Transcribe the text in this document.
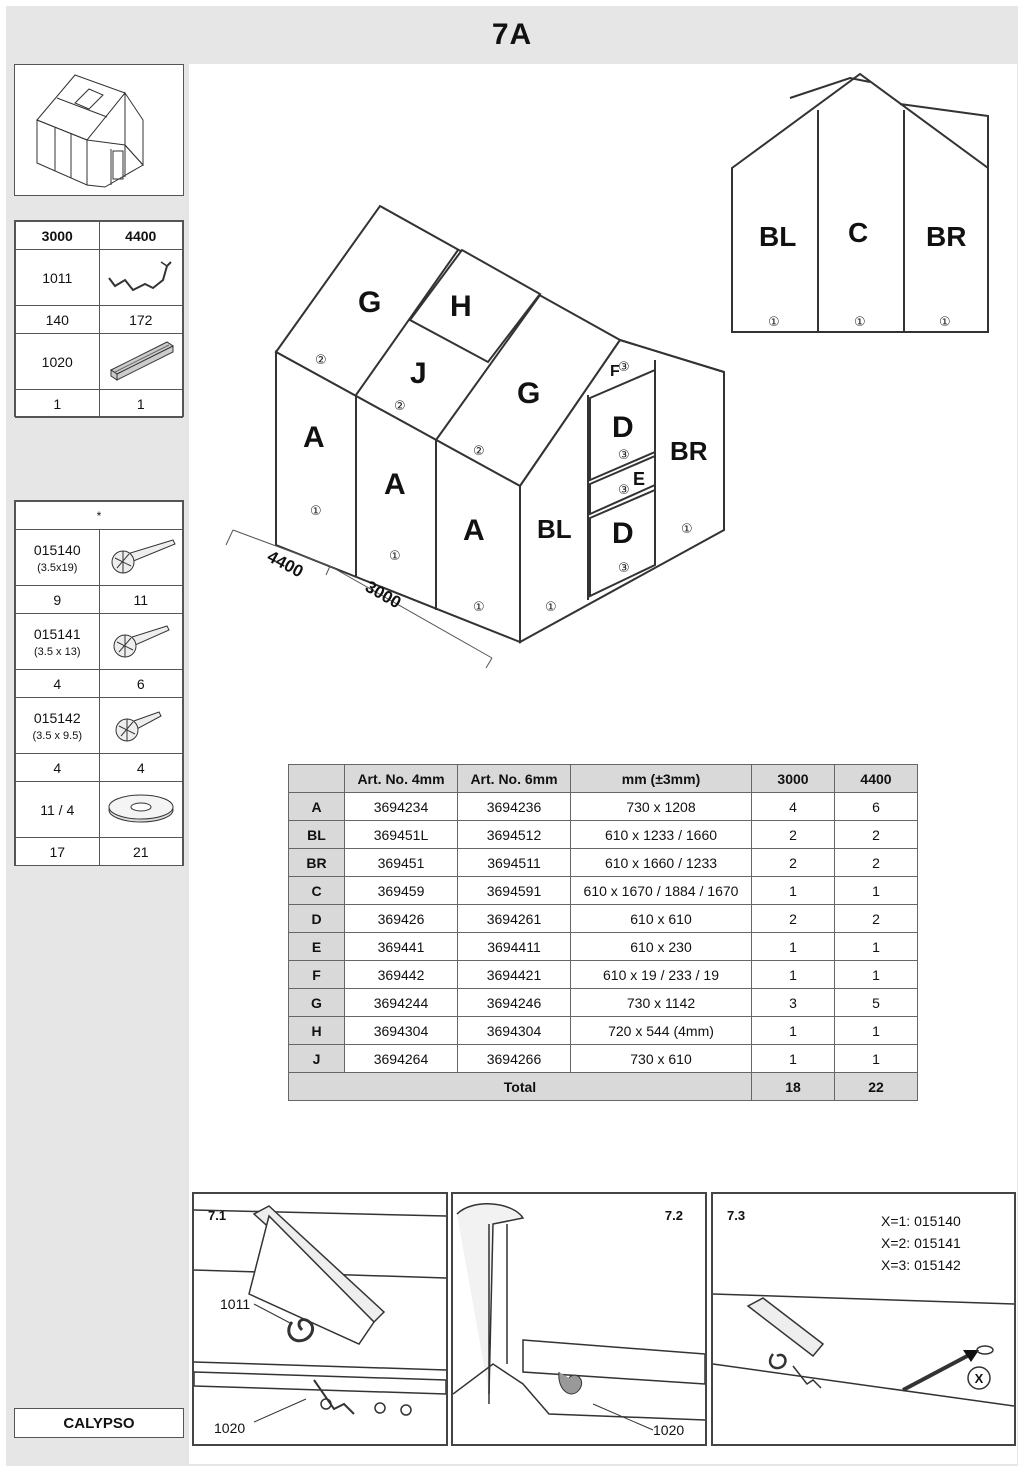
7A
3000	4400
1011	
140	172
1020	
1	1
*	

015140
(3.5x19)

9	11

015141
(3.5 x 13)

4	6

015142
(3.5 x 9.5)

4	4
11 / 4	
17	21
CALYPSO
G H
J
G
A
A
A BL
BR
D
D
E
F
②
②
②
①
①
①	①
①
③
③
③
③
4400
3000
BL C BR
①	①	①
	Art. No. 4mm	Art. No. 6mm	mm (±3mm)	3000	4400
A	3694234	3694236	730 x 1208	4	6
BL	369451L	3694512	610 x 1233 / 1660	2	2
BR	369451	3694511	610 x 1660 / 1233	2	2
C	369459	3694591	610 x 1670 / 1884 / 1670	1	1
D	369426	3694261	610 x 610	2	2
E	369441	3694411	610 x 230	1	1
F	369442	3694421	610 x 19 / 233 / 19	1	1
G	3694244	3694246	730 x 1142	3	5
H	3694304	3694304	720 x 544 (4mm)	1	1
J	3694264	3694266	730 x 610	1	1
Total				18	22
7.1
1011
1020
7.2
1020
7.3	X=1: 015140
X=2: 015141
X=3: 015142
X
